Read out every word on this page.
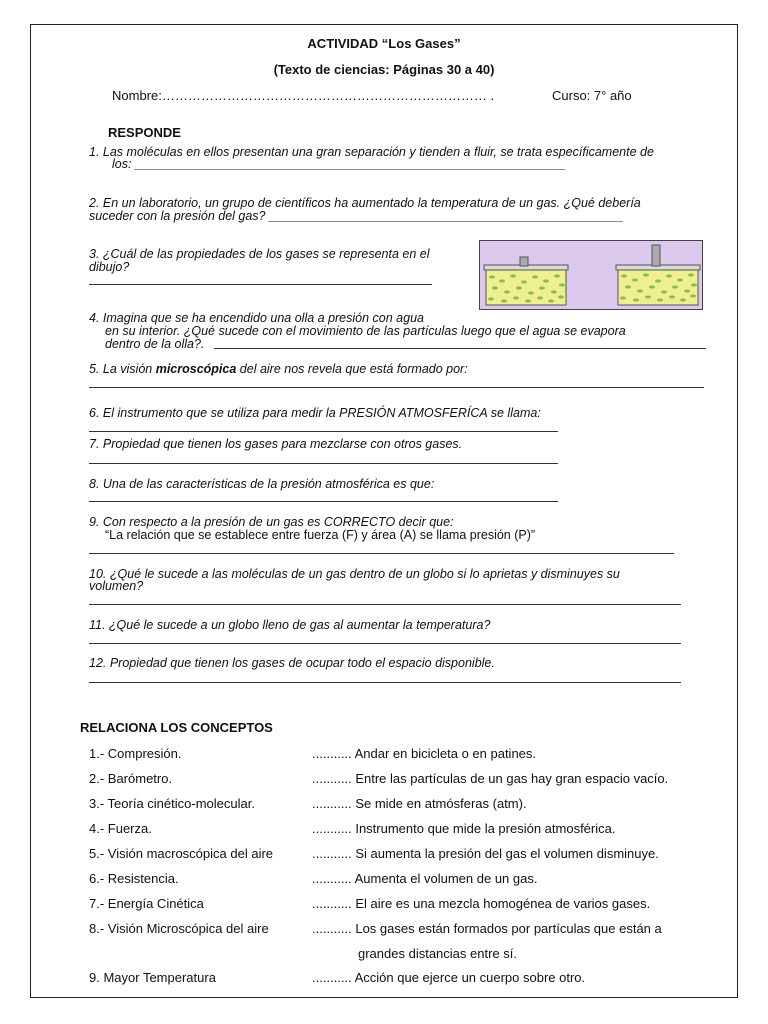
ACTIVIDAD “Los Gases”
(Texto de ciencias: Páginas 30 a 40)
Nombre:………………………………………………………………… .	Curso: 7° año
RESPONDE
1. Las moléculas en ellos presentan una gran separación y tienden a fluir, se trata específicamente de
los: ______________________________________________________________
2. En un laboratorio, un grupo de científicos ha aumentado la temperatura de un gas. ¿Qué debería
suceder con la presión del gas? ___________________________________________________
3. ¿Cuál de las propiedades de los gases se representa en el
dibujo?
4. Imagina que se ha encendido una olla a presión con agua
en su interior. ¿Qué sucede con el movimiento de las partículas luego que el agua se evapora
dentro de la olla?.
5. La visión microscópica del aire nos revela que está formado por:
6. El instrumento que se utiliza para medir la PRESIÓN ATMOSFERÍCA se llama:
7. Propiedad que tienen los gases para mezclarse con otros gases.
8. Una de las características de la presión atmosférica es que:
9. Con respecto a la presión de un gas es CORRECTO decir que:
“La relación que se establece entre fuerza (F) y área (A) se llama presión (P)”
10. ¿Qué le sucede a las moléculas de un gas dentro de un globo si lo aprietas y disminuyes su
volumen?
11. ¿Qué le sucede a un globo lleno de gas al aumentar la temperatura?
12. Propiedad que tienen los gases de ocupar todo el espacio disponible.
RELACIONA LOS CONCEPTOS
1.- Compresión.
2.- Barómetro.
3.- Teoría cinético-molecular.
4.- Fuerza.
5.- Visión macroscópica del aire
6.- Resistencia.
7.- Energía Cinética
8.- Visión Microscópica del aire
9. Mayor Temperatura
........... Andar en bicicleta o en patines.
........... Entre las partículas de un gas hay gran espacio vacío.
........... Se mide en atmósferas (atm).
........... Instrumento que mide la presión atmosférica.
........... Si aumenta la presión del gas el volumen disminuye.
........... Aumenta el volumen de un gas.
........... El aire es una mezcla homogénea de varios gases.
........... Los gases están formados por partículas que están a
grandes distancias entre sí.
........... Acción que ejerce un cuerpo sobre otro.
